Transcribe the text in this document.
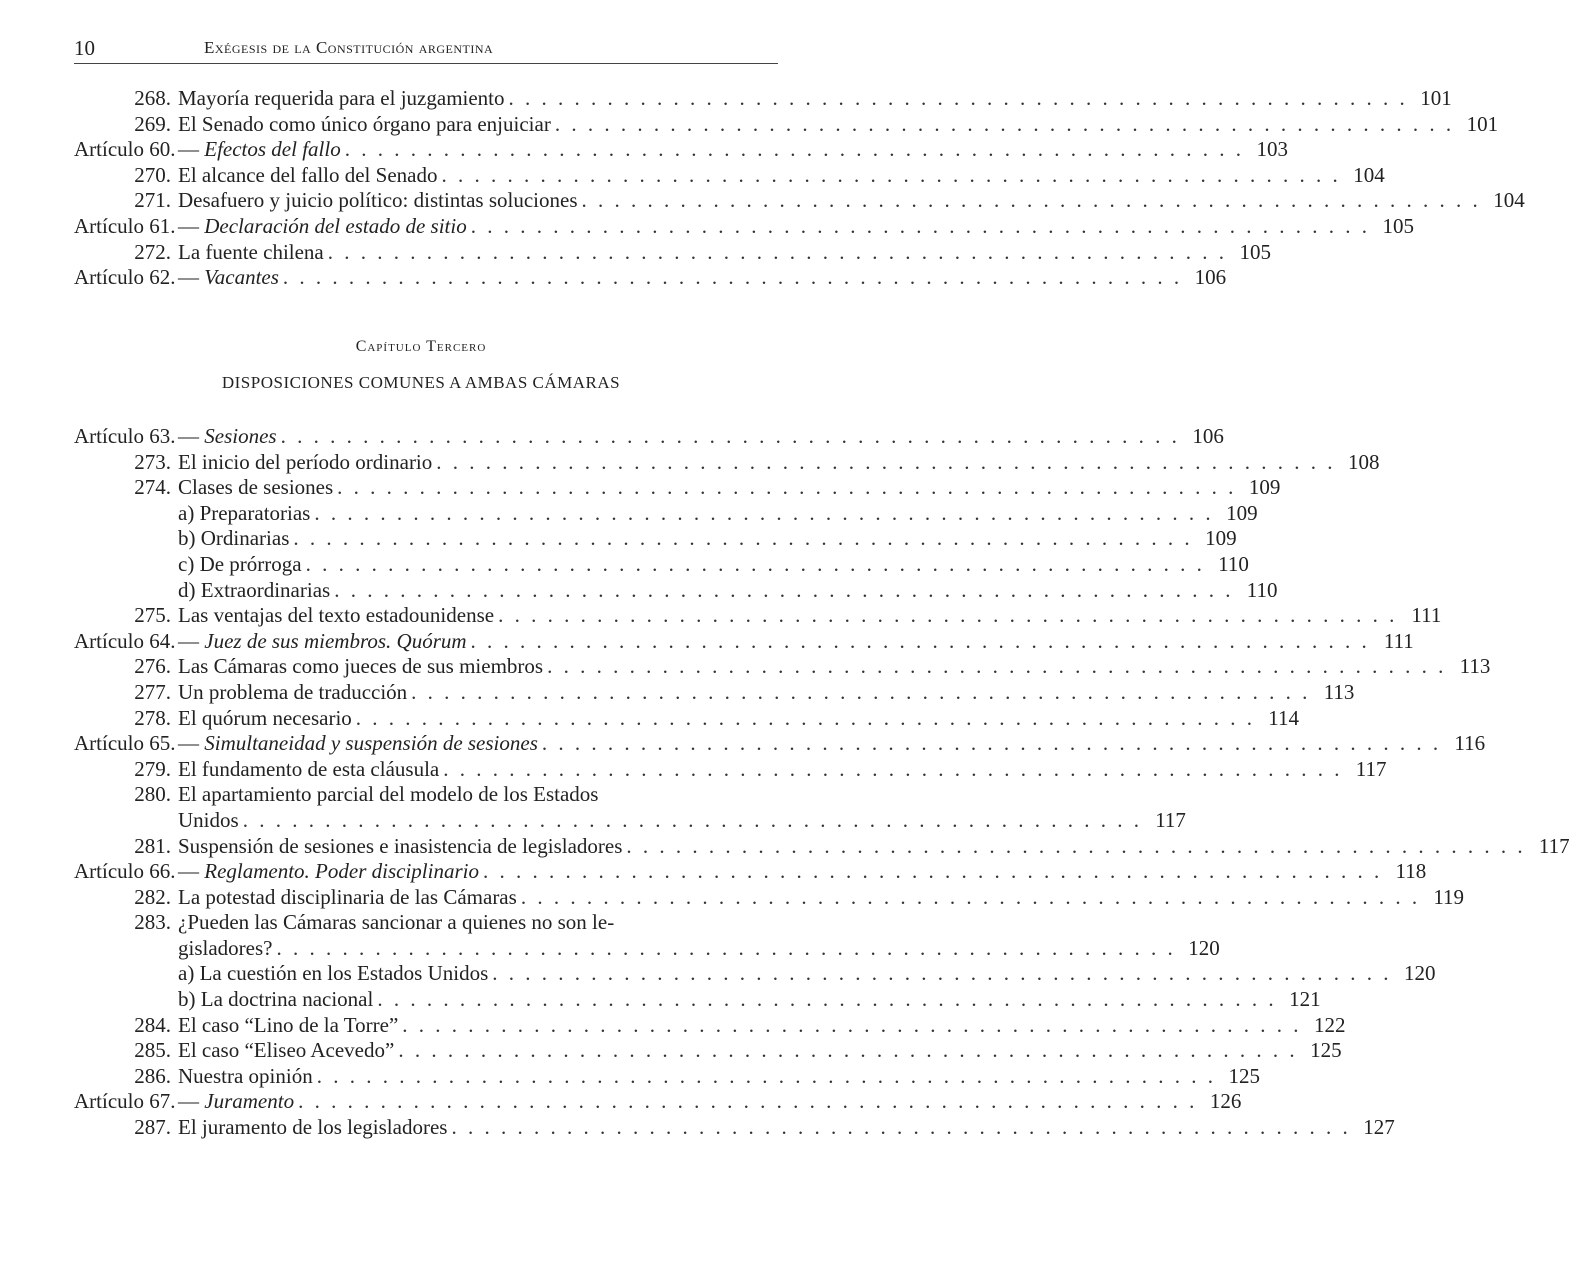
10	Exégesis de la Constitución argentina
268. Mayoría requerida para el juzgamiento . . . . . . . . . . . . . . . . . . . . . . . . . . . . . . . . . . . . . . . . . . . . . . . . . . . . . . . 101
269. El Senado como único órgano para enjuiciar . . . . . . . . . . . . . . . . . . . . . . . . . . . . . . . . . . . . . . . . . . . . . . . . . . . . . . . 101
Artículo 60. — Efectos del fallo . . . . . . . . . . . . . . . . . . . . . . . . . . . . . . . . . . . . . . . . . . . . . . . . . . . . . . . 103
270. El alcance del fallo del Senado . . . . . . . . . . . . . . . . . . . . . . . . . . . . . . . . . . . . . . . . . . . . . . . . . . . . . . . 104
271. Desafuero y juicio político: distintas soluciones . . . . . . . . . . . . . . . . . . . . . . . . . . . . . . . . . . . . . . . . . . . . . . . . . . . . . . . 104
Artículo 61. — Declaración del estado de sitio . . . . . . . . . . . . . . . . . . . . . . . . . . . . . . . . . . . . . . . . . . . . . . . . . . . . . . . 105
272. La fuente chilena . . . . . . . . . . . . . . . . . . . . . . . . . . . . . . . . . . . . . . . . . . . . . . . . . . . . . . . 105
Artículo 62. — Vacantes . . . . . . . . . . . . . . . . . . . . . . . . . . . . . . . . . . . . . . . . . . . . . . . . . . . . . . . 106
Capítulo Tercero
DISPOSICIONES COMUNES A AMBAS CÁMARAS
Artículo 63. — Sesiones . . . . . . . . . . . . . . . . . . . . . . . . . . . . . . . . . . . . . . . . . . . . . . . . . . . . . . . 106
273. El inicio del período ordinario . . . . . . . . . . . . . . . . . . . . . . . . . . . . . . . . . . . . . . . . . . . . . . . . . . . . . . . 108
274. Clases de sesiones . . . . . . . . . . . . . . . . . . . . . . . . . . . . . . . . . . . . . . . . . . . . . . . . . . . . . . . 109
a) Preparatorias . . . . . . . . . . . . . . . . . . . . . . . . . . . . . . . . . . . . . . . . . . . . . . . . . . . . . . . 109
b) Ordinarias . . . . . . . . . . . . . . . . . . . . . . . . . . . . . . . . . . . . . . . . . . . . . . . . . . . . . . . 109
c) De prórroga . . . . . . . . . . . . . . . . . . . . . . . . . . . . . . . . . . . . . . . . . . . . . . . . . . . . . . . 110
d) Extraordinarias . . . . . . . . . . . . . . . . . . . . . . . . . . . . . . . . . . . . . . . . . . . . . . . . . . . . . . . 110
275. Las ventajas del texto estadounidense . . . . . . . . . . . . . . . . . . . . . . . . . . . . . . . . . . . . . . . . . . . . . . . . . . . . . . . 111
Artículo 64. — Juez de sus miembros. Quórum . . . . . . . . . . . . . . . . . . . . . . . . . . . . . . . . . . . . . . . . . . . . . . . . . . . . . . . 111
276. Las Cámaras como jueces de sus miembros . . . . . . . . . . . . . . . . . . . . . . . . . . . . . . . . . . . . . . . . . . . . . . . . . . . . . . . 113
277. Un problema de traducción . . . . . . . . . . . . . . . . . . . . . . . . . . . . . . . . . . . . . . . . . . . . . . . . . . . . . . . 113
278. El quórum necesario . . . . . . . . . . . . . . . . . . . . . . . . . . . . . . . . . . . . . . . . . . . . . . . . . . . . . . . 114
Artículo 65. — Simultaneidad y suspensión de sesiones . . . . . . . . . . . . . . . . . . . . . . . . . . . . . . . . . . . . . . . . . . . . . . . . . . . . . . . 116
279. El fundamento de esta cláusula . . . . . . . . . . . . . . . . . . . . . . . . . . . . . . . . . . . . . . . . . . . . . . . . . . . . . . . 117
280. El apartamiento parcial del modelo de los Estados
Unidos . . . . . . . . . . . . . . . . . . . . . . . . . . . . . . . . . . . . . . . . . . . . . . . . . . . . . . . 117
281. Suspensión de sesiones e inasistencia de legisladores . . . . . . . . . . . . . . . . . . . . . . . . . . . . . . . . . . . . . . . . . . . . . . . . . . . . . . . 117
Artículo 66. — Reglamento. Poder disciplinario . . . . . . . . . . . . . . . . . . . . . . . . . . . . . . . . . . . . . . . . . . . . . . . . . . . . . . . 118
282. La potestad disciplinaria de las Cámaras . . . . . . . . . . . . . . . . . . . . . . . . . . . . . . . . . . . . . . . . . . . . . . . . . . . . . . . 119
283. ¿Pueden las Cámaras sancionar a quienes no son le-
gisladores? . . . . . . . . . . . . . . . . . . . . . . . . . . . . . . . . . . . . . . . . . . . . . . . . . . . . . . . 120
a) La cuestión en los Estados Unidos . . . . . . . . . . . . . . . . . . . . . . . . . . . . . . . . . . . . . . . . . . . . . . . . . . . . . . . 120
b) La doctrina nacional . . . . . . . . . . . . . . . . . . . . . . . . . . . . . . . . . . . . . . . . . . . . . . . . . . . . . . . 121
284. El caso “Lino de la Torre” . . . . . . . . . . . . . . . . . . . . . . . . . . . . . . . . . . . . . . . . . . . . . . . . . . . . . . . 122
285. El caso “Eliseo Acevedo” . . . . . . . . . . . . . . . . . . . . . . . . . . . . . . . . . . . . . . . . . . . . . . . . . . . . . . . 125
286. Nuestra opinión . . . . . . . . . . . . . . . . . . . . . . . . . . . . . . . . . . . . . . . . . . . . . . . . . . . . . . . 125
Artículo 67. — Juramento . . . . . . . . . . . . . . . . . . . . . . . . . . . . . . . . . . . . . . . . . . . . . . . . . . . . . . . 126
287. El juramento de los legisladores . . . . . . . . . . . . . . . . . . . . . . . . . . . . . . . . . . . . . . . . . . . . . . . . . . . . . . . 127
